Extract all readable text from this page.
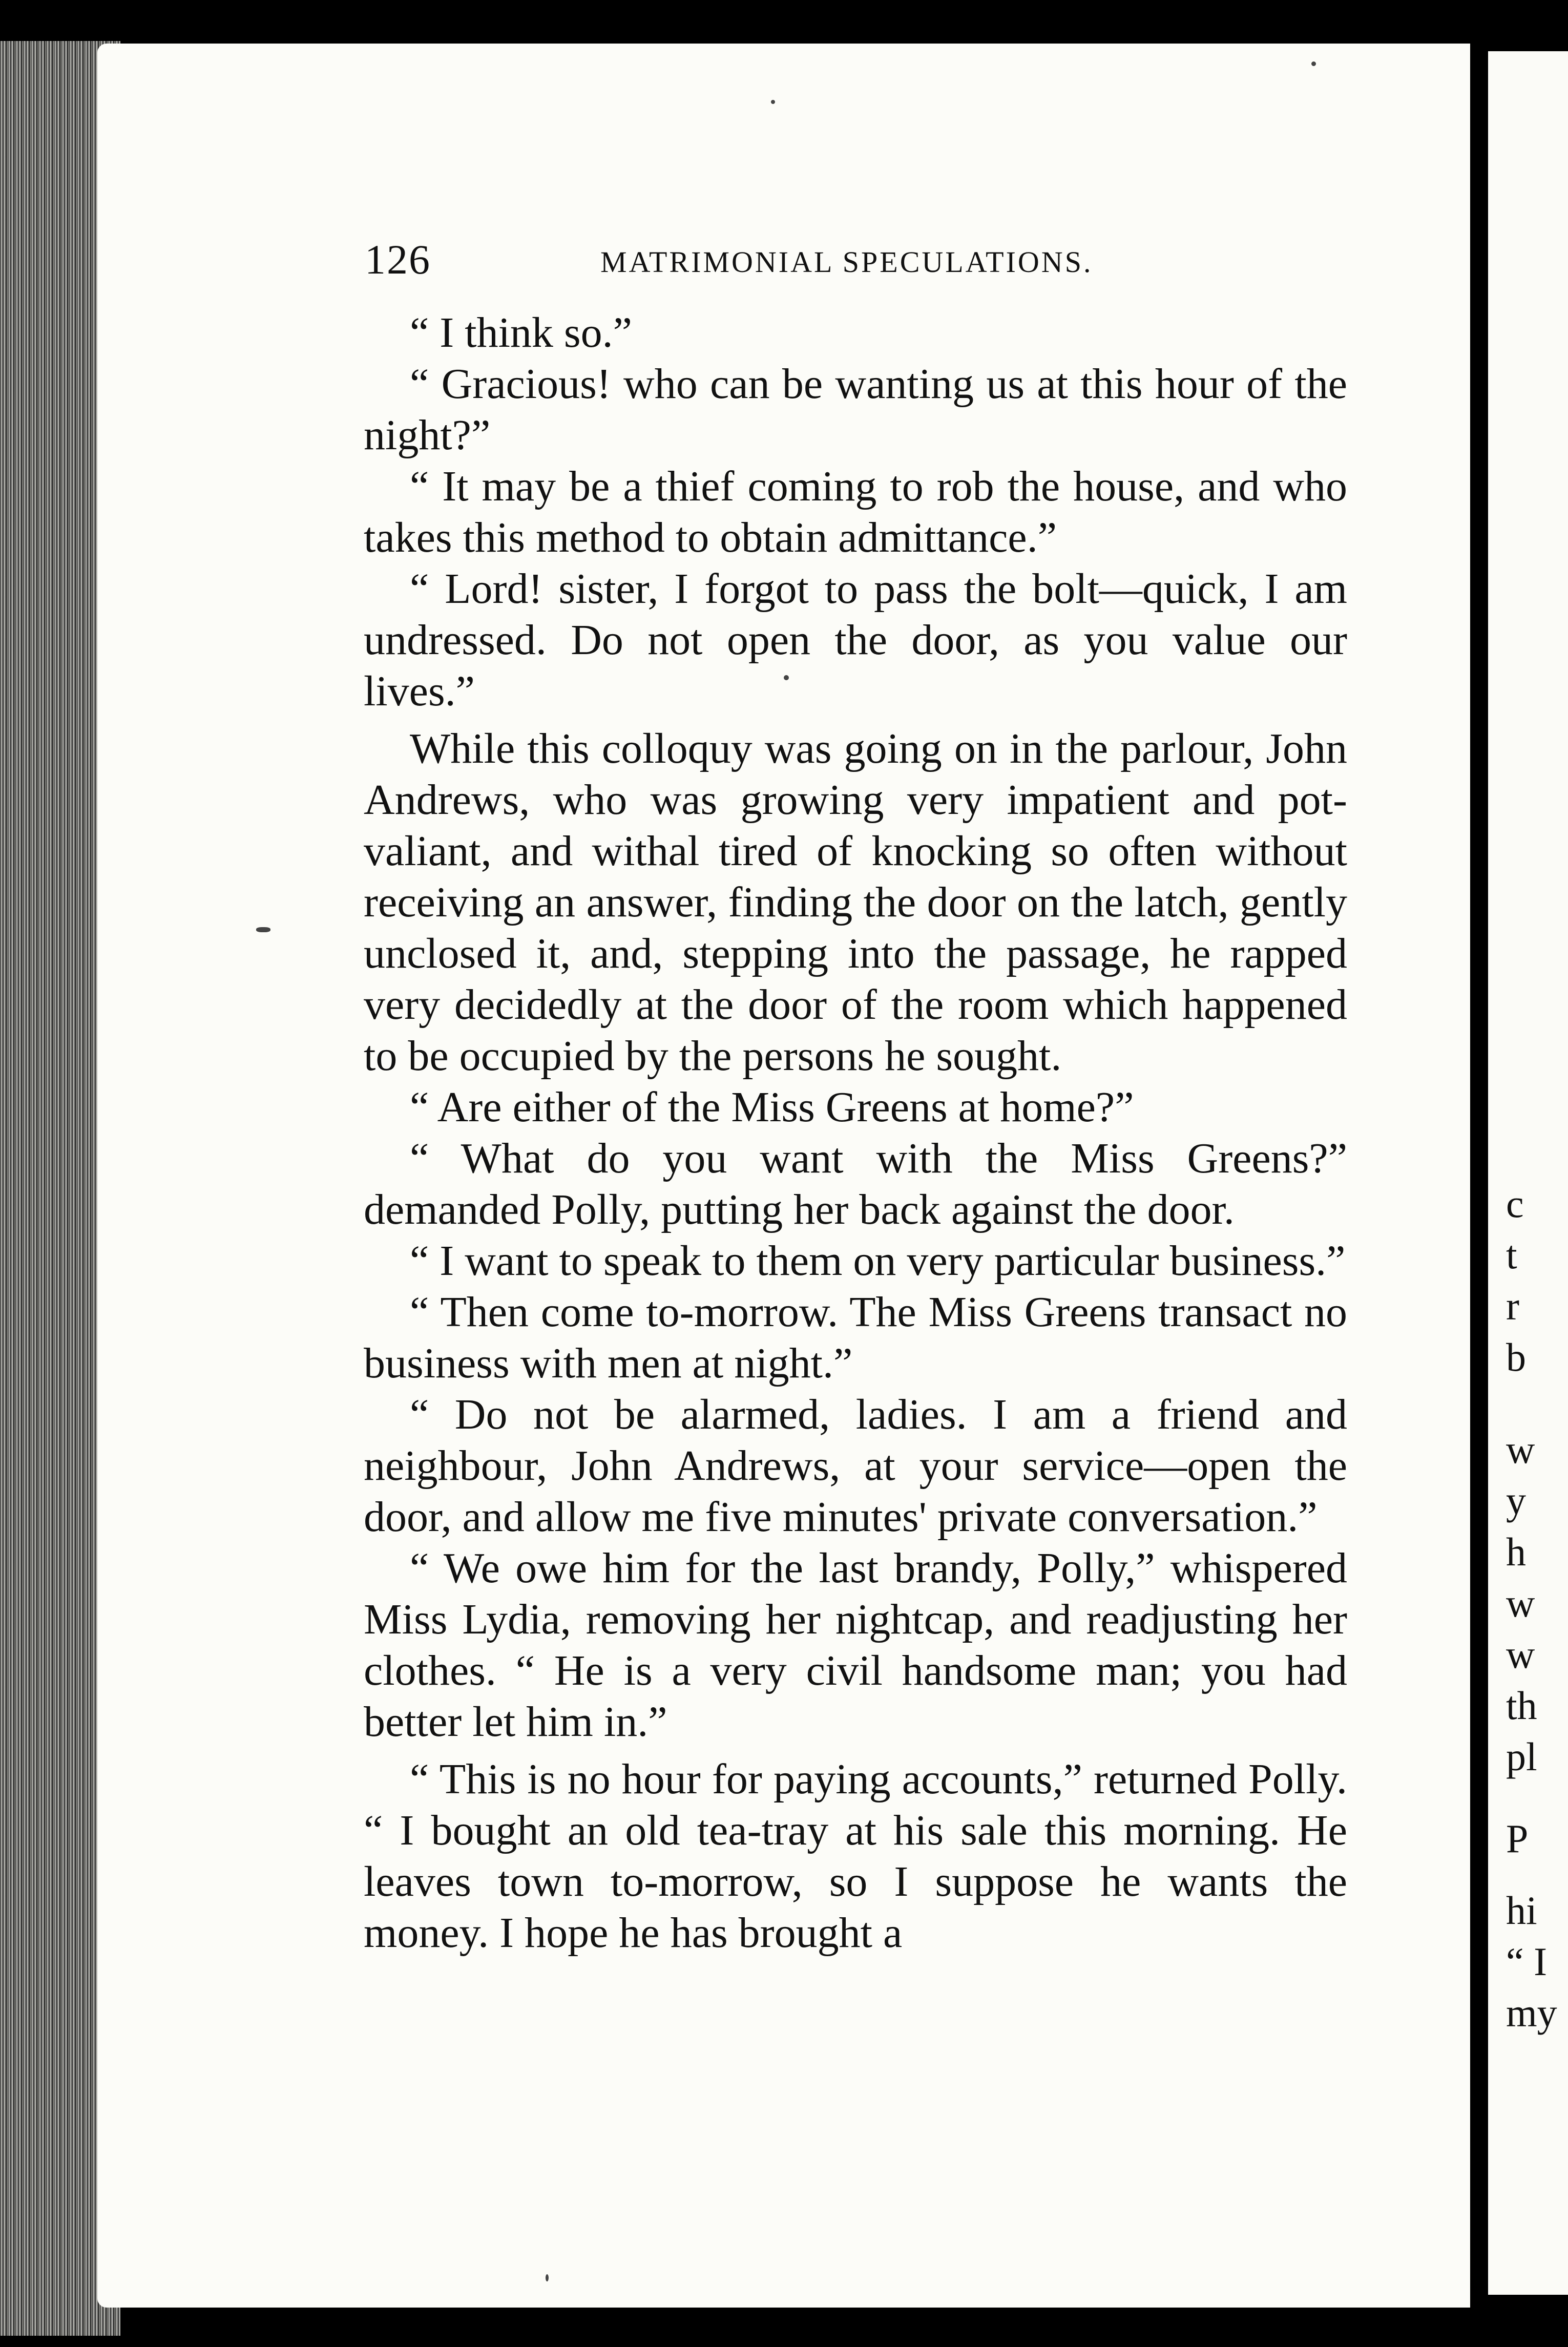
c
t
r
b
w
y
h
w
w
th
pl
P
hi
“ I
my
126	MATRIMONIAL SPECULATIONS.

“ I think so.”

“ Gracious! who can be wanting us at this hour of the night?”

“ It may be a thief coming to rob the house, and who takes this method to obtain admittance.”

“ Lord! sister, I forgot to pass the bolt—quick, I am undressed. Do not open the door, as you value our lives.”

While this colloquy was going on in the parlour, John Andrews, who was growing very impatient and pot-valiant, and withal tired of knocking so often without receiving an answer, finding the door on the latch, gently unclosed it, and, stepping into the passage, he rapped very decidedly at the door of the room which happened to be occupied by the persons he sought.

“ Are either of the Miss Greens at home?”

“ What do you want with the Miss Greens?” demanded Polly, putting her back against the door.

“ I want to speak to them on very particular business.”

“ Then come to-morrow. The Miss Greens transact no business with men at night.”

“ Do not be alarmed, ladies. I am a friend and neighbour, John Andrews, at your service—open the door, and allow me five minutes' private conversation.”

“ We owe him for the last brandy, Polly,” whispered Miss Lydia, removing her nightcap, and readjusting her clothes. “ He is a very civil handsome man; you had better let him in.”

“ This is no hour for paying accounts,” returned Polly. “ I bought an old tea-tray at his sale this morning. He leaves town to-morrow, so I suppose he wants the money. I hope he has brought a
